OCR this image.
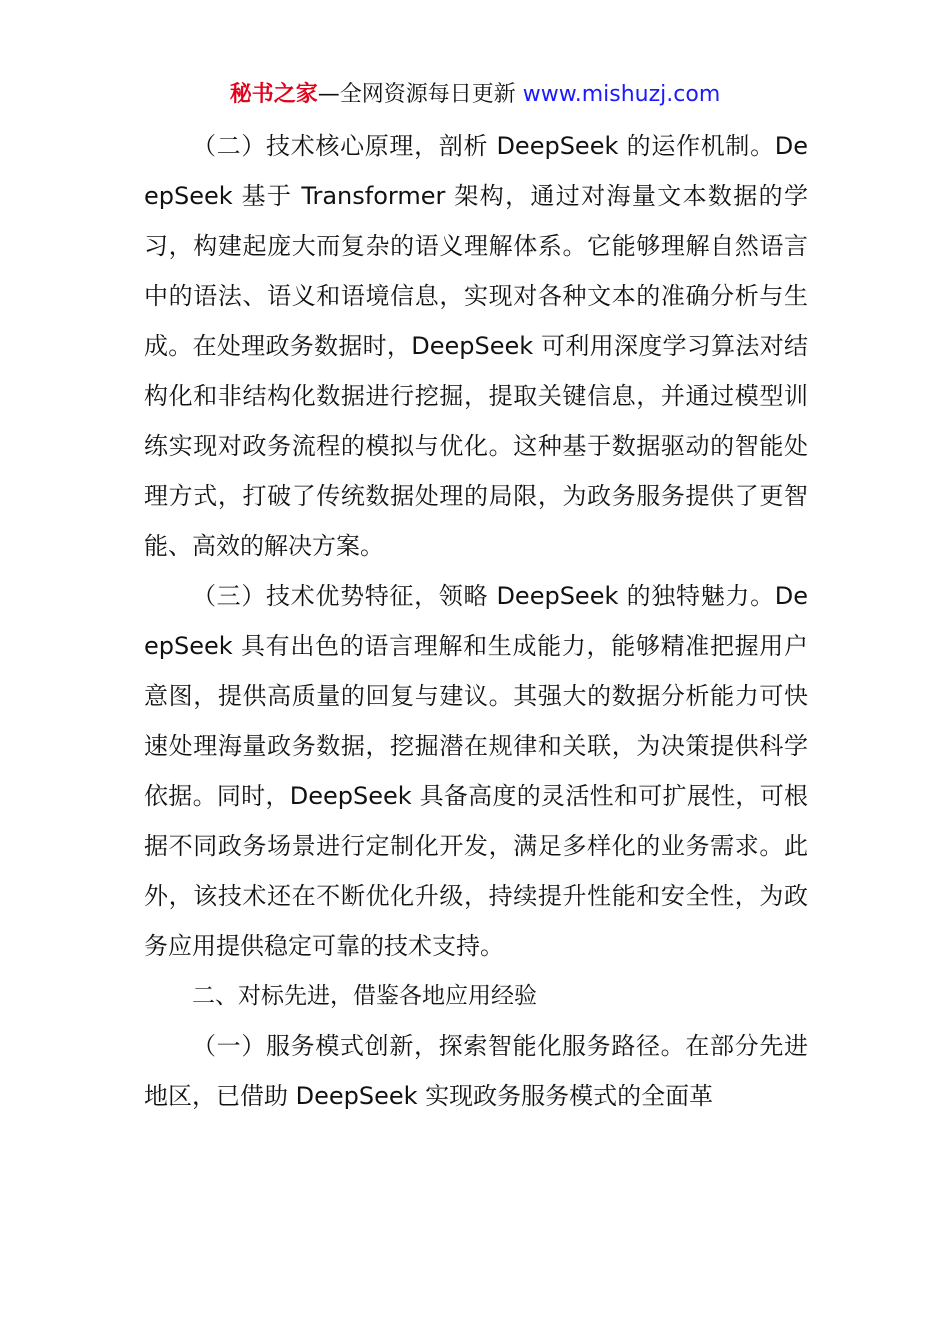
秘书之家—全网资源每日更新 www.mishuzj.com

（二）技术核心原理，剖析 DeepSeek 的运作机制。DeepSeek 基于 Transformer 架构，通过对海量文本数据的学习，构建起庞大而复杂的语义理解体系。它能够理解自然语言中的语法、语义和语境信息，实现对各种文本的准确分析与生成。在处理政务数据时，DeepSeek 可利用深度学习算法对结构化和非结构化数据进行挖掘，提取关键信息，并通过模型训练实现对政务流程的模拟与优化。这种基于数据驱动的智能处理方式，打破了传统数据处理的局限，为政务服务提供了更智能、高效的解决方案。

（三）技术优势特征，领略 DeepSeek 的独特魅力。DeepSeek 具有出色的语言理解和生成能力，能够精准把握用户意图，提供高质量的回复与建议。其强大的数据分析能力可快速处理海量政务数据，挖掘潜在规律和关联，为决策提供科学依据。同时，DeepSeek 具备高度的灵活性和可扩展性，可根据不同政务场景进行定制化开发，满足多样化的业务需求。此外，该技术还在不断优化升级，持续提升性能和安全性，为政务应用提供稳定可靠的技术支持。

二、对标先进，借鉴各地应用经验

（一）服务模式创新，探索智能化服务路径。在部分先进地区，已借助 DeepSeek 实现政务服务模式的全面革
